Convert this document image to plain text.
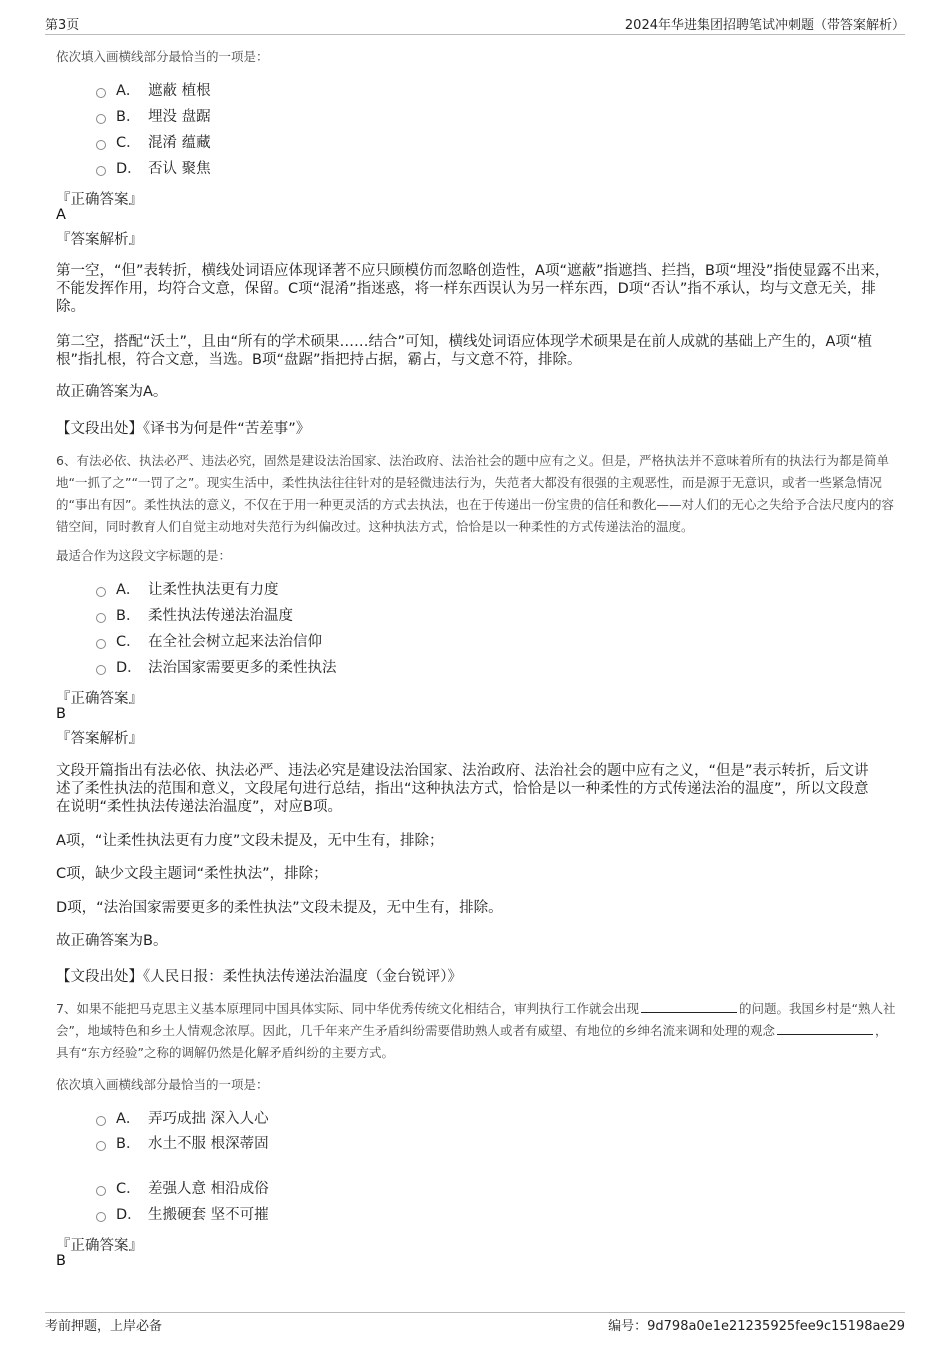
第3页	2024年华进集团招聘笔试冲刺题（带答案解析）
依次填入画横线部分最恰当的一项是：
A． 遮蔽 植根
B． 埋没 盘踞
C． 混淆 蕴藏
D． 否认 聚焦
『正确答案』
A
『答案解析』
第一空，“但”表转折，横线处词语应体现译著不应只顾模仿而忽略创造性，A项“遮蔽”指遮挡、拦挡，B项“埋没”指使显露不出来，不能发挥作用，均符合文意，保留。C项“混淆”指迷惑，将一样东西误认为另一样东西，D项“否认”指不承认，均与文意无关，排除。
第二空，搭配“沃土”，且由“所有的学术硕果……结合”可知，横线处词语应体现学术硕果是在前人成就的基础上产生的，A项“植根”指扎根，符合文意，当选。B项“盘踞”指把持占据，霸占，与文意不符，排除。
故正确答案为A。
【文段出处】《译书为何是件“苦差事”》
6、有法必依、执法必严、违法必究，固然是建设法治国家、法治政府、法治社会的题中应有之义。但是，严格执法并不意味着所有的执法行为都是简单地“一抓了之”“一罚了之”。现实生活中，柔性执法往往针对的是轻微违法行为，失范者大都没有很强的主观恶性，而是源于无意识，或者一些紧急情况的“事出有因”。柔性执法的意义，不仅在于用一种更灵活的方式去执法，也在于传递出一份宝贵的信任和教化——对人们的无心之失给予合法尺度内的容错空间，同时教育人们自觉主动地对失范行为纠偏改过。这种执法方式，恰恰是以一种柔性的方式传递法治的温度。
最适合作为这段文字标题的是：
A． 让柔性执法更有力度
B． 柔性执法传递法治温度
C． 在全社会树立起来法治信仰
D． 法治国家需要更多的柔性执法
『正确答案』
B
『答案解析』
文段开篇指出有法必依、执法必严、违法必究是建设法治国家、法治政府、法治社会的题中应有之义，“但是”表示转折，后文讲述了柔性执法的范围和意义，文段尾句进行总结，指出“这种执法方式，恰恰是以一种柔性的方式传递法治的温度”，所以文段意在说明“柔性执法传递法治温度”，对应B项。
A项，“让柔性执法更有力度”文段未提及，无中生有，排除；
C项，缺少文段主题词“柔性执法”，排除；
D项，“法治国家需要更多的柔性执法”文段未提及，无中生有，排除。
故正确答案为B。
【文段出处】《人民日报：柔性执法传递法治温度（金台锐评）》
7、如果不能把马克思主义基本原理同中国具体实际、同中华优秀传统文化相结合，审判执行工作就会出现	的问题。我国乡村是“熟人社会”，地域特色和乡土人情观念浓厚。因此，几千年来产生矛盾纠纷需要借助熟人或者有威望、有地位的乡绅名流来调和处理的观念	，具有“东方经验”之称的调解仍然是化解矛盾纠纷的主要方式。
依次填入画横线部分最恰当的一项是：
A． 弄巧成拙 深入人心
B． 水土不服 根深蒂固
C． 差强人意 相沿成俗
D． 生搬硬套 坚不可摧
『正确答案』
B
考前押题，上岸必备	编号：9d798a0e1e21235925fee9c15198ae29
